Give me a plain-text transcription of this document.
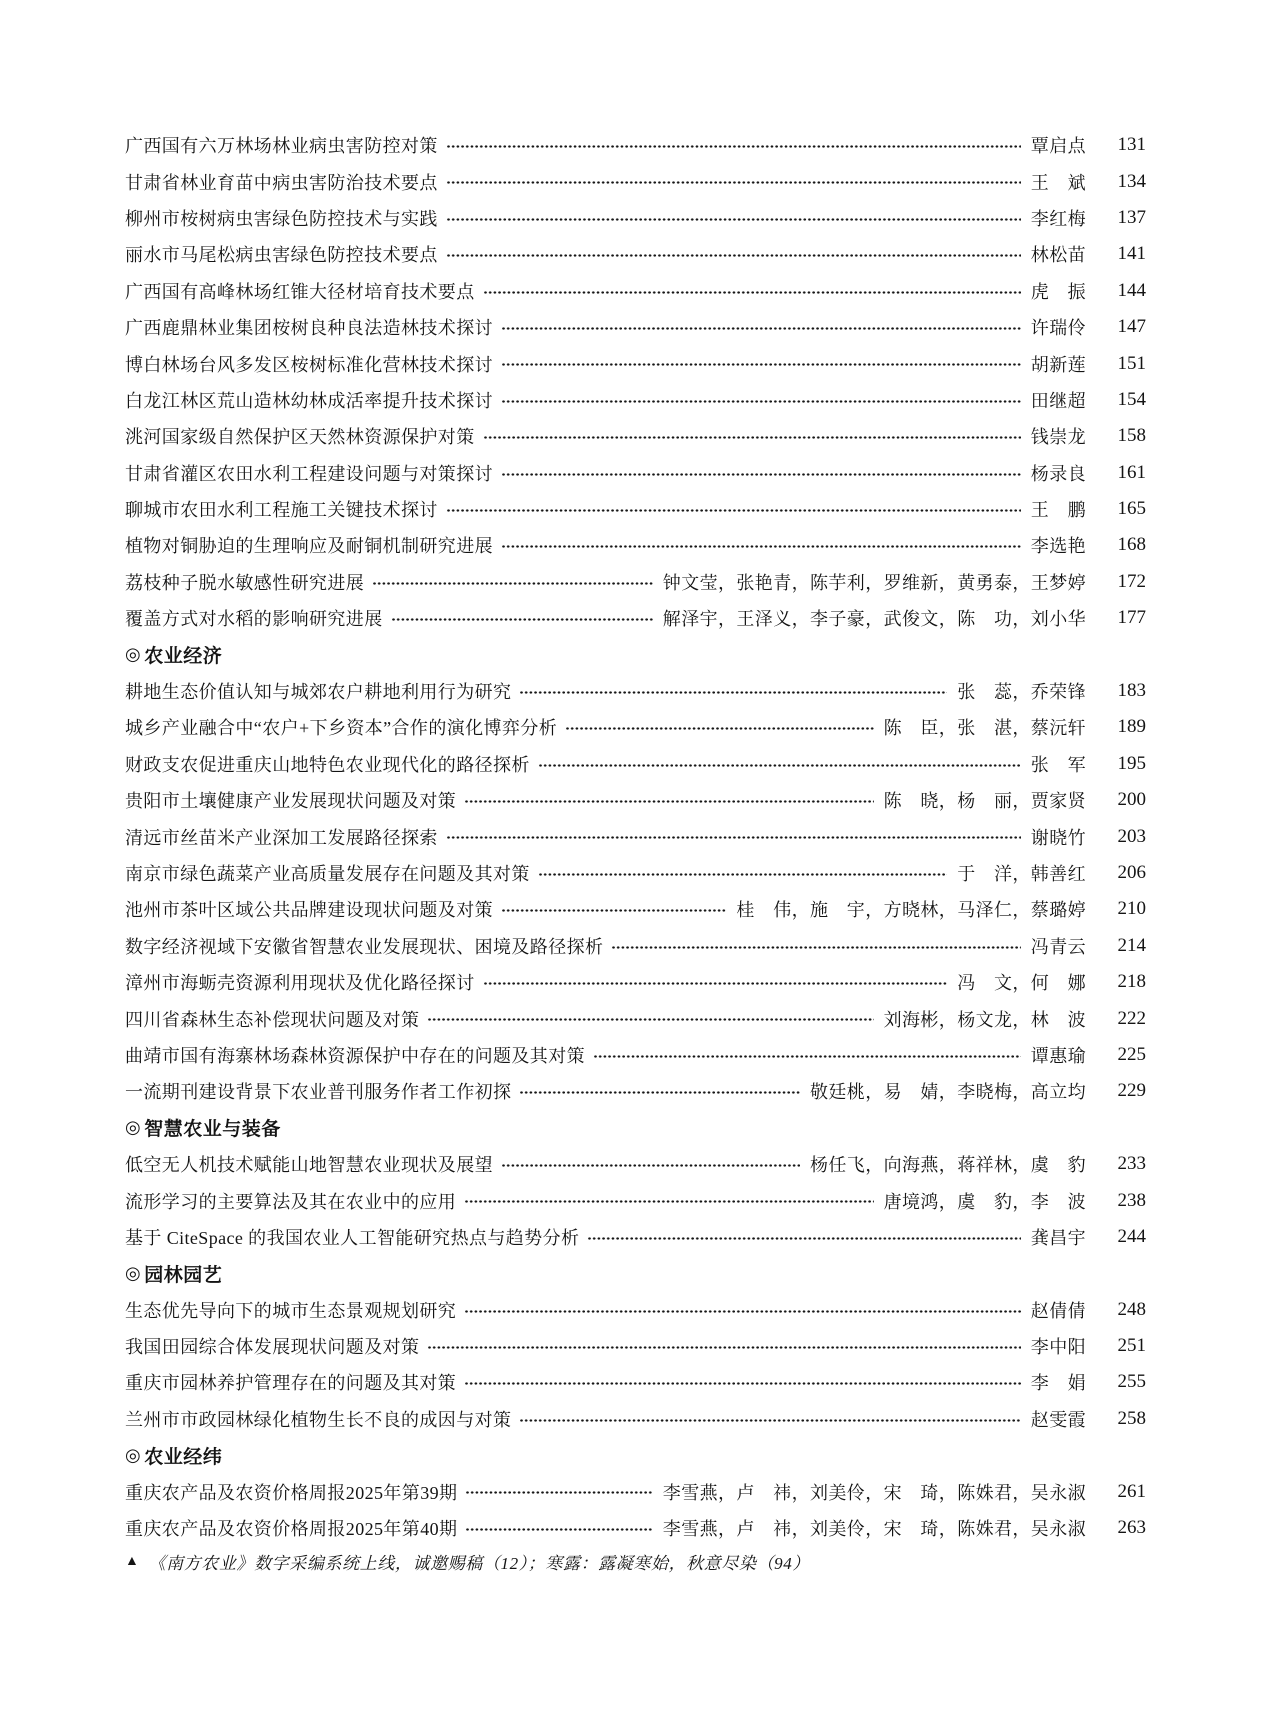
广西国有六万林场林业病虫害防控对策	覃启点	131
甘肃省林业育苗中病虫害防治技术要点	王　斌	134
柳州市桉树病虫害绿色防控技术与实践	李红梅	137
丽水市马尾松病虫害绿色防控技术要点	林松苗	141
广西国有高峰林场红锥大径材培育技术要点	虎　振	144
广西鹿鼎林业集团桉树良种良法造林技术探讨	许瑞伶	147
博白林场台风多发区桉树标准化营林技术探讨	胡新莲	151
白龙江林区荒山造林幼林成活率提升技术探讨	田继超	154
洮河国家级自然保护区天然林资源保护对策	钱崇龙	158
甘肃省灌区农田水利工程建设问题与对策探讨	杨录良	161
聊城市农田水利工程施工关键技术探讨	王　鹏	165
植物对铜胁迫的生理响应及耐铜机制研究进展	李选艳	168
荔枝种子脱水敏感性研究进展	钟文莹，张艳青，陈芋利，罗维新，黄勇泰，王梦婷	172
覆盖方式对水稻的影响研究进展	解泽宇，王泽义，李子豪，武俊文，陈　功，刘小华	177
◎ 农业经济
耕地生态价值认知与城郊农户耕地利用行为研究	张　蕊，乔荣锋	183
城乡产业融合中“农户+下乡资本”合作的演化博弈分析	陈　臣，张　湛，蔡沅轩	189
财政支农促进重庆山地特色农业现代化的路径探析	张　军	195
贵阳市土壤健康产业发展现状问题及对策	陈　晓，杨　丽，贾家贤	200
清远市丝苗米产业深加工发展路径探索	谢晓竹	203
南京市绿色蔬菜产业高质量发展存在问题及其对策	于　洋，韩善红	206
池州市茶叶区域公共品牌建设现状问题及对策	桂　伟，施　宇，方晓林，马泽仁，蔡璐婷	210
数字经济视域下安徽省智慧农业发展现状、困境及路径探析	冯青云	214
漳州市海蛎壳资源利用现状及优化路径探讨	冯　文，何　娜	218
四川省森林生态补偿现状问题及对策	刘海彬，杨文龙，林　波	222
曲靖市国有海寨林场森林资源保护中存在的问题及其对策	谭惠瑜	225
一流期刊建设背景下农业普刊服务作者工作初探	敬廷桃，易　婧，李晓梅，高立均	229
◎ 智慧农业与装备
低空无人机技术赋能山地智慧农业现状及展望	杨任飞，向海燕，蒋祥林，虞　豹	233
流形学习的主要算法及其在农业中的应用	唐境鸿，虞　豹，李　波	238
基于 CiteSpace 的我国农业人工智能研究热点与趋势分析	龚昌宇	244
◎ 园林园艺
生态优先导向下的城市生态景观规划研究	赵倩倩	248
我国田园综合体发展现状问题及对策	李中阳	251
重庆市园林养护管理存在的问题及其对策	李　娟	255
兰州市市政园林绿化植物生长不良的成因与对策	赵雯霞	258
◎ 农业经纬
重庆农产品及农资价格周报2025年第39期	李雪燕，卢　祎，刘美伶，宋　琦，陈姝君，吴永淑	261
重庆农产品及农资价格周报2025年第40期	李雪燕，卢　祎，刘美伶，宋　琦，陈姝君，吴永淑	263
▲ 《南方农业》数字采编系统上线，诚邀赐稿（12）；寒露：露凝寒始，秋意尽染（94）
